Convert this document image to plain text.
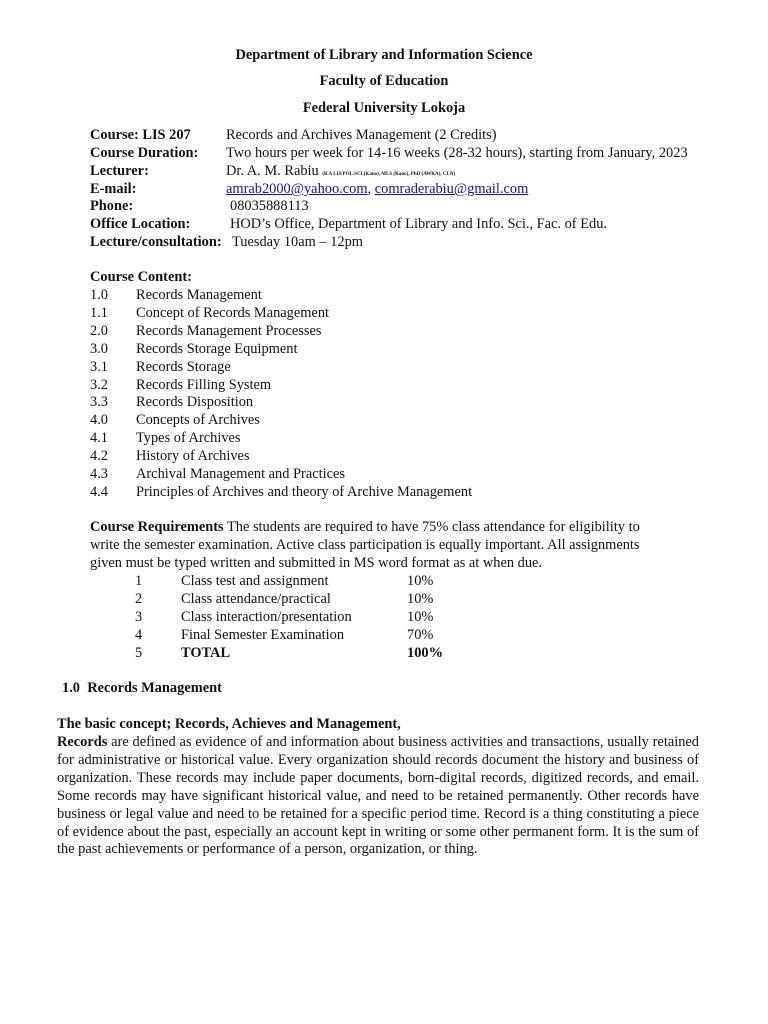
Department of Library and Information Science
Faculty of Education
Federal University Lokoja
Course: LIS 207 Records and Archives Management (2 Credits)
Course Duration: Two hours per week for 14-16 weeks (28-32 hours), starting from January, 2023
Lecturer:	Dr. A. M. Rabiu (B.A LIS/POL.SCI.(Kano), MLS (Kano), PhD (AWKA), CLN)
E-mail:	amrab2000@yahoo.com, comraderabiu@gmail.com
Phone:	08035888113
Office Location:	HOD’s Office, Department of Library and Info. Sci., Fac. of Edu.
Lecture/consultation: Tuesday 10am – 12pm
Course Content:
1.0 Records Management
1.1 Concept of Records Management
2.0 Records Management Processes
3.0 Records Storage Equipment
3.1 Records Storage
3.2 Records Filling System
3.3 Records Disposition
4.0 Concepts of Archives
4.1 Types of Archives
4.2 History of Archives
4.3 Archival Management and Practices
4.4 Principles of Archives and theory of Archive Management
Course Requirements The students are required to have 75% class attendance for eligibility to write the semester examination. Active class participation is equally important. All assignments given must be typed written and submitted in MS word format as at when due.
1	Class test and assignment	10%
2	Class attendance/practical	10%
3	Class interaction/presentation	10%
4	Final Semester Examination	70%
5	TOTAL	100%
1.0 Records Management
The basic concept; Records, Achieves and Management,
Records are defined as evidence of and information about business activities and transactions, usually retained for administrative or historical value. Every organization should records document the history and business of organization. These records may include paper documents, born-digital records, digitized records, and email. Some records may have significant historical value, and need to be retained permanently. Other records have business or legal value and need to be retained for a specific period time. Record is a thing constituting a piece of evidence about the past, especially an account kept in writing or some other permanent form. It is the sum of the past achievements or performance of a person, organization, or thing.
